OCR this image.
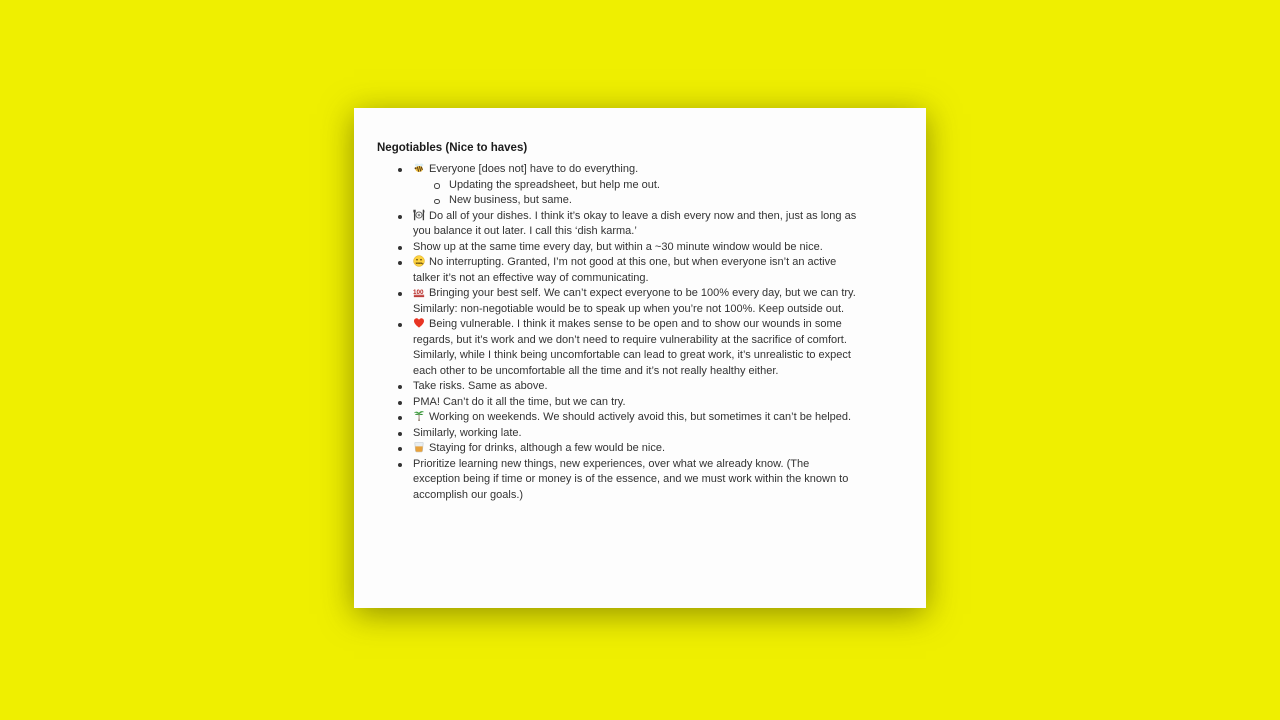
Negotiables (Nice to haves)
Everyone [does not] have to do everything.
Updating the spreadsheet, but help me out.
New business, but same.
Do all of your dishes. I think it’s okay to leave a dish every now and then, just as long as you balance it out later. I call this ‘dish karma.’
Show up at the same time every day, but within a ~30 minute window would be nice.
No interrupting. Granted, I’m not good at this one, but when everyone isn’t an active talker it’s not an effective way of communicating.
100 Bringing your best self. We can’t expect everyone to be 100% every day, but we can try. Similarly: non-negotiable would be to speak up when you’re not 100%. Keep outside out.
Being vulnerable. I think it makes sense to be open and to show our wounds in some regards, but it’s work and we don’t need to require vulnerability at the sacrifice of comfort. Similarly, while I think being uncomfortable can lead to great work, it’s unrealistic to expect each other to be uncomfortable all the time and it’s not really healthy either.
Take risks. Same as above.
PMA! Can’t do it all the time, but we can try.
Working on weekends. We should actively avoid this, but sometimes it can’t be helped.
Similarly, working late.
Staying for drinks, although a few would be nice.
Prioritize learning new things, new experiences, over what we already know. (The exception being if time or money is of the essence, and we must work within the known to accomplish our goals.)
